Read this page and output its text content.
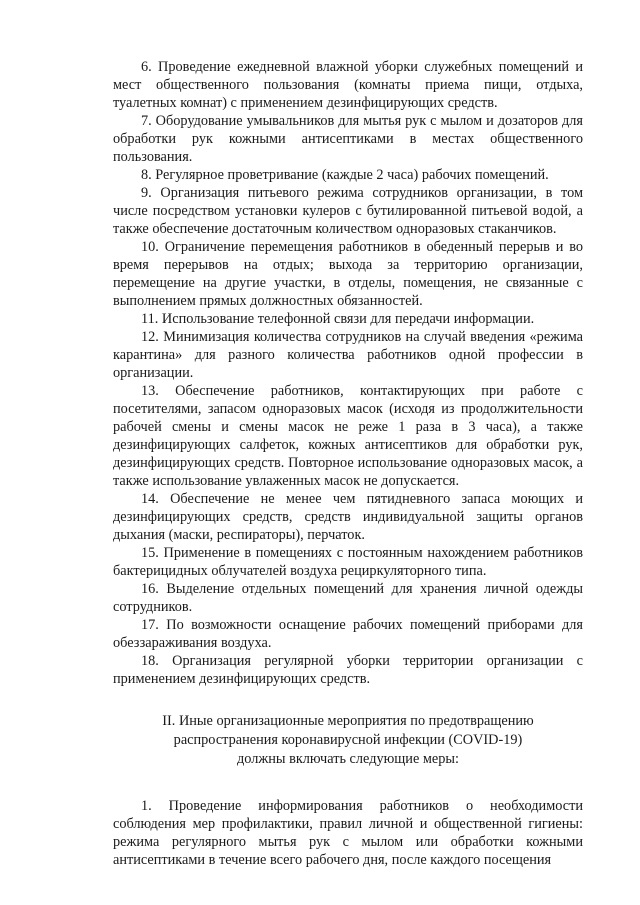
6. Проведение ежедневной влажной уборки служебных помещений и мест общественного пользования (комнаты приема пищи, отдыха, туалетных комнат) с применением дезинфицирующих средств.

7. Оборудование умывальников для мытья рук с мылом и дозаторов для обработки рук кожными антисептиками в местах общественного пользования.

8. Регулярное проветривание (каждые 2 часа) рабочих помещений.

9. Организация питьевого режима сотрудников организации, в том числе посредством установки кулеров с бутилированной питьевой водой, а также обеспечение достаточным количеством одноразовых стаканчиков.

10. Ограничение перемещения работников в обеденный перерыв и во время перерывов на отдых; выхода за территорию организации, перемещение на другие участки, в отделы, помещения, не связанные с выполнением прямых должностных обязанностей.

11. Использование телефонной связи для передачи информации.

12. Минимизация количества сотрудников на случай введения «режима карантина» для разного количества работников одной профессии в организации.

13. Обеспечение работников, контактирующих при работе с посетителями, запасом одноразовых масок (исходя из продолжительности рабочей смены и смены масок не реже 1 раза в 3 часа), а также дезинфицирующих салфеток, кожных антисептиков для обработки рук, дезинфицирующих средств. Повторное использование одноразовых масок, а также использование увлаженных масок не допускается.

14. Обеспечение не менее чем пятидневного запаса моющих и дезинфицирующих средств, средств индивидуальной защиты органов дыхания (маски, респираторы), перчаток.

15. Применение в помещениях с постоянным нахождением работников бактерицидных облучателей воздуха рециркуляторного типа.

16. Выделение отдельных помещений для хранения личной одежды сотрудников.

17. По возможности оснащение рабочих помещений приборами для обеззараживания воздуха.

18. Организация регулярной уборки территории организации с применением дезинфицирующих средств.

II. Иные организационные мероприятия по предотвращению
распространения коронавирусной инфекции (COVID-19)
должны включать следующие меры:

1. Проведение информирования работников о необходимости соблюдения мер профилактики, правил личной и общественной гигиены: режима регулярного мытья рук с мылом или обработки кожными антисептиками в течение всего рабочего дня, после каждого посещения
